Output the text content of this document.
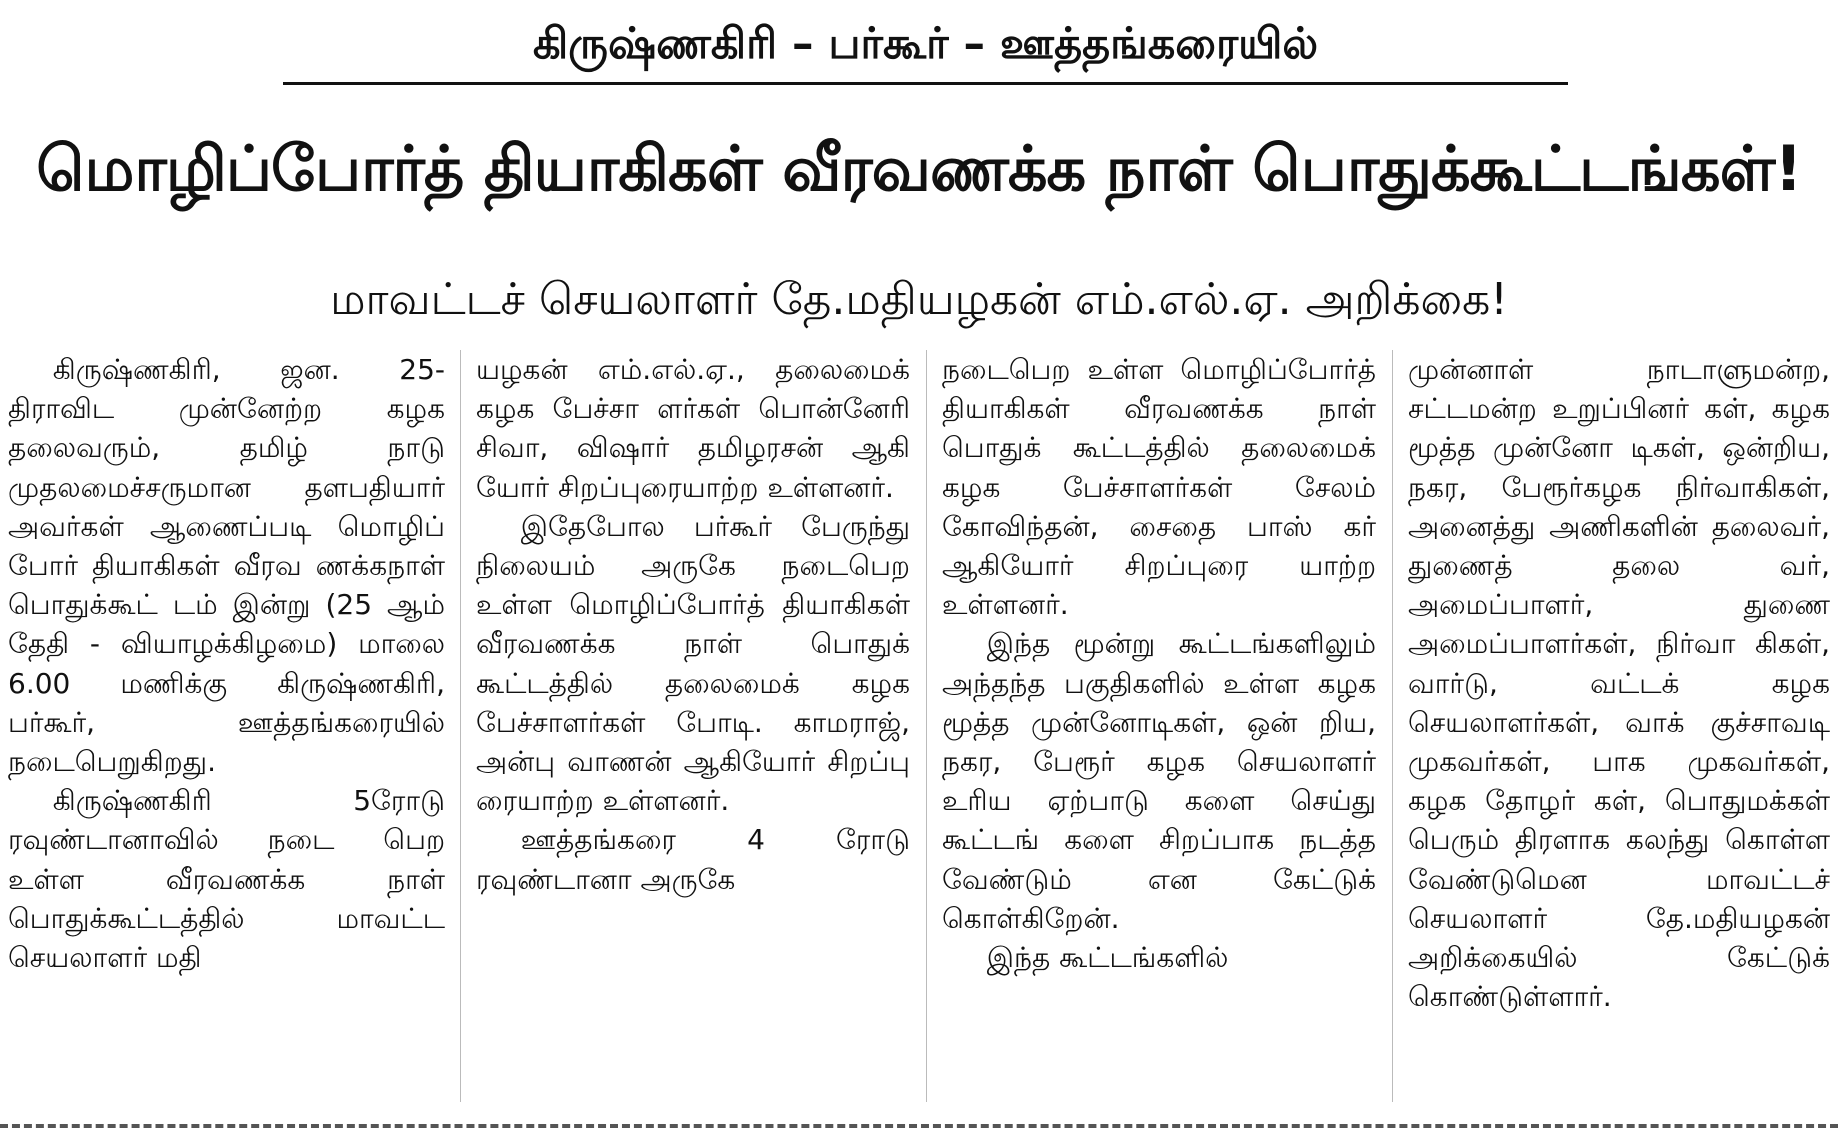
கிருஷ்ணகிரி – பர்கூர் – ஊத்தங்கரையில்
மொழிப்போர்த் தியாகிகள் வீரவணக்க நாள் பொதுக்கூட்டங்கள்!
மாவட்டச் செயலாளர் தே.மதியழகன் எம்.எல்.ஏ. அறிக்கை!

கிருஷ்ணகிரி, ஜன. 25- திராவிட முன்னேற்ற கழக தலைவரும், தமிழ் நாடு முதலமைச்சருமான தளபதியார் அவர்கள் ஆணைப்படி மொழிப் போர் தியாகிகள் வீரவ ணக்கநாள் பொதுக்கூட் டம் இன்று (25 ஆம் தேதி - வியாழக்கிழமை) மாலை 6.00 மணிக்கு கிருஷ்ணகிரி, பர்கூர், ஊத்தங்கரையில் நடைபெறுகிறது.

கிருஷ்ணகிரி 5ரோடு ரவுண்டானாவில் நடை பெற உள்ள வீரவணக்க நாள் பொதுக்கூட்டத்தில் மாவட்ட செயலாளர் மதி

யழகன் எம்.எல்.ஏ., தலைமைக் கழக பேச்சா ளர்கள் பொன்னேரி சிவா, விஷார் தமிழரசன் ஆகி யோர் சிறப்புரையாற்ற உள்ளனர்.

இதேபோல பர்கூர் பேருந்து நிலையம் அருகே நடைபெற உள்ள மொழிப்போர்த் தியாகிகள் வீரவணக்க நாள் பொதுக் கூட்டத்தில் தலைமைக் கழக பேச்சாளர்கள் போடி. காமராஜ், அன்பு வாணன் ஆகியோர் சிறப்பு ரையாற்ற உள்ளனர்.

ஊத்தங்கரை 4 ரோடு ரவுண்டானா அருகே

நடைபெற உள்ள மொழிப்போர்த் தியாகிகள் வீரவணக்க நாள் பொதுக் கூட்டத்தில் தலைமைக் கழக பேச்சாளர்கள் சேலம் கோவிந்தன், சைதை பாஸ் கர் ஆகியோர் சிறப்புரை யாற்ற உள்ளனர்.

இந்த மூன்று கூட்டங்களிலும் அந்தந்த பகுதிகளில் உள்ள கழக மூத்த முன்னோடிகள், ஒன் றிய, நகர, பேரூர் கழக செயலாளர் உரிய ஏற்பாடு களை செய்து கூட்டங் களை சிறப்பாக நடத்த வேண்டும் என கேட்டுக் கொள்கிறேன்.

இந்த கூட்டங்களில்

முன்னாள் நாடாளுமன்ற, சட்டமன்ற உறுப்பினர் கள், கழக மூத்த முன்னோ டிகள், ஒன்றிய, நகர, பேரூர்கழக நிர்வாகிகள், அனைத்து அணிகளின் தலைவர், துணைத் தலை வர், அமைப்பாளர், துணை அமைப்பாளர்கள், நிர்வா கிகள், வார்டு, வட்டக் கழக செயலாளர்கள், வாக் குச்சாவடி முகவர்கள், பாக முகவர்கள், கழக தோழர் கள், பொதுமக்கள் பெரும் திரளாக கலந்து கொள்ள வேண்டுமென மாவட்டச் செயலாளர் தே.மதியழகன் அறிக்கையில் கேட்டுக் கொண்டுள்ளார்.
